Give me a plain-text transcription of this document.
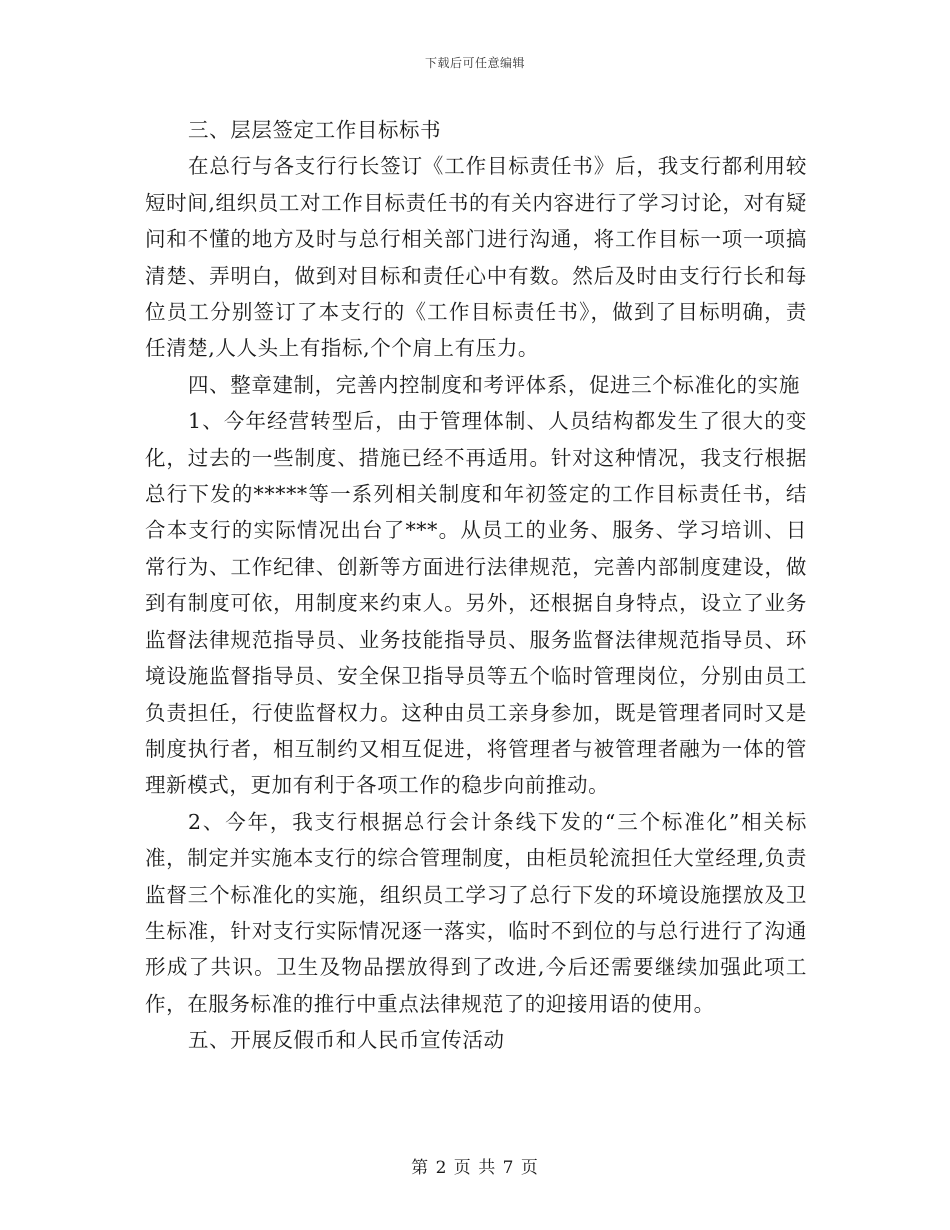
下载后可任意编辑

三、层层签定工作目标标书

在总行与各支行行长签订《工作目标责任书》后，我支行都利用较短时间,组织员工对工作目标责任书的有关内容进行了学习讨论，对有疑问和不懂的地方及时与总行相关部门进行沟通，将工作目标一项一项搞清楚、弄明白，做到对目标和责任心中有数。然后及时由支行行长和每位员工分别签订了本支行的《工作目标责任书》，做到了目标明确，责任清楚,人人头上有指标,个个肩上有压力。

四、整章建制，完善内控制度和考评体系，促进三个标准化的实施

1、今年经营转型后，由于管理体制、人员结构都发生了很大的变化，过去的一些制度、措施已经不再适用。针对这种情况，我支行根据总行下发的*****等一系列相关制度和年初签定的工作目标责任书，结合本支行的实际情况出台了***。从员工的业务、服务、学习培训、日常行为、工作纪律、创新等方面进行法律规范，完善内部制度建设，做到有制度可依，用制度来约束人。另外，还根据自身特点，设立了业务监督法律规范指导员、业务技能指导员、服务监督法律规范指导员、环境设施监督指导员、安全保卫指导员等五个临时管理岗位，分别由员工负责担任，行使监督权力。这种由员工亲身参加，既是管理者同时又是制度执行者，相互制约又相互促进，将管理者与被管理者融为一体的管理新模式，更加有利于各项工作的稳步向前推动。

2、今年，我支行根据总行会计条线下发的“三个标准化”相关标准，制定并实施本支行的综合管理制度，由柜员轮流担任大堂经理,负责监督三个标准化的实施，组织员工学习了总行下发的环境设施摆放及卫生标准，针对支行实际情况逐一落实，临时不到位的与总行进行了沟通形成了共识。卫生及物品摆放得到了改进,今后还需要继续加强此项工作，在服务标准的推行中重点法律规范了的迎接用语的使用。

五、开展反假币和人民币宣传活动

第 2 页 共 7 页
